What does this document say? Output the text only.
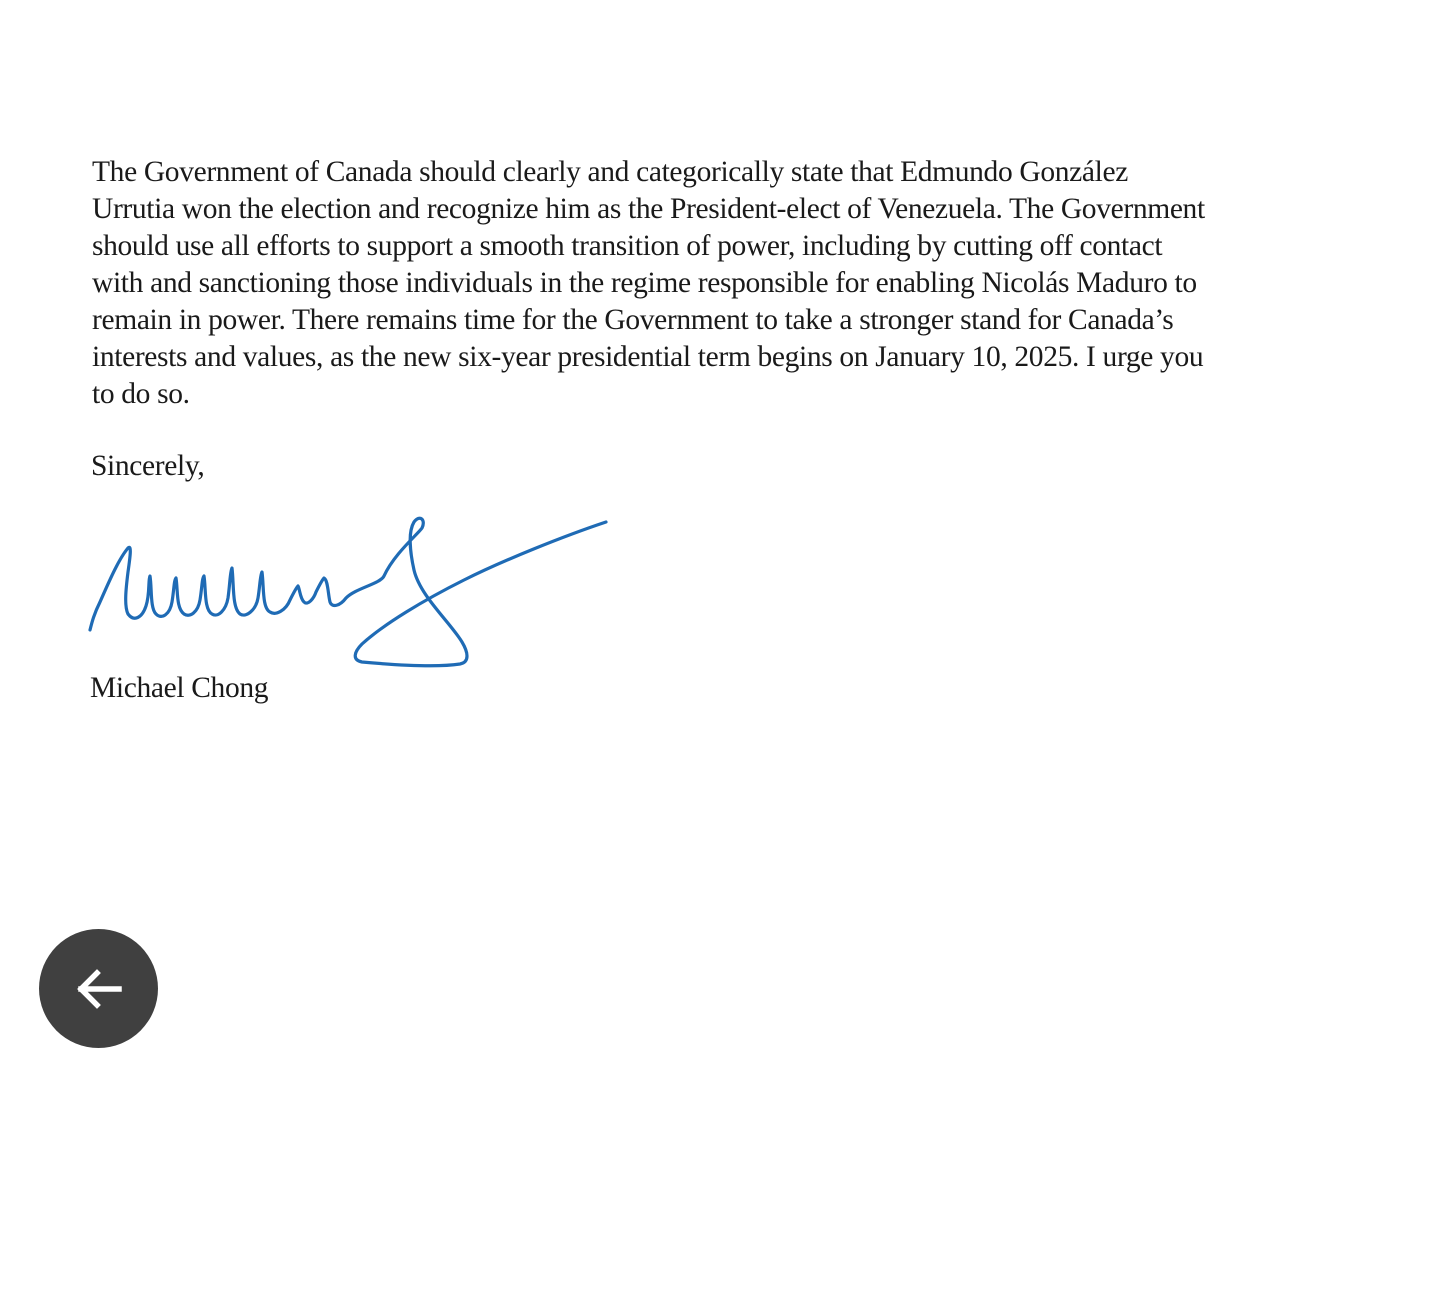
The Government of Canada should clearly and categorically state that Edmundo González
Urrutia won the election and recognize him as the President-elect of Venezuela. The Government
should use all efforts to support a smooth transition of power, including by cutting off contact
with and sanctioning those individuals in the regime responsible for enabling Nicolás Maduro to
remain in power. There remains time for the Government to take a stronger stand for Canada’s
interests and values, as the new six-year presidential term begins on January 10, 2025. I urge you
to do so.
Sincerely,
Michael Chong
